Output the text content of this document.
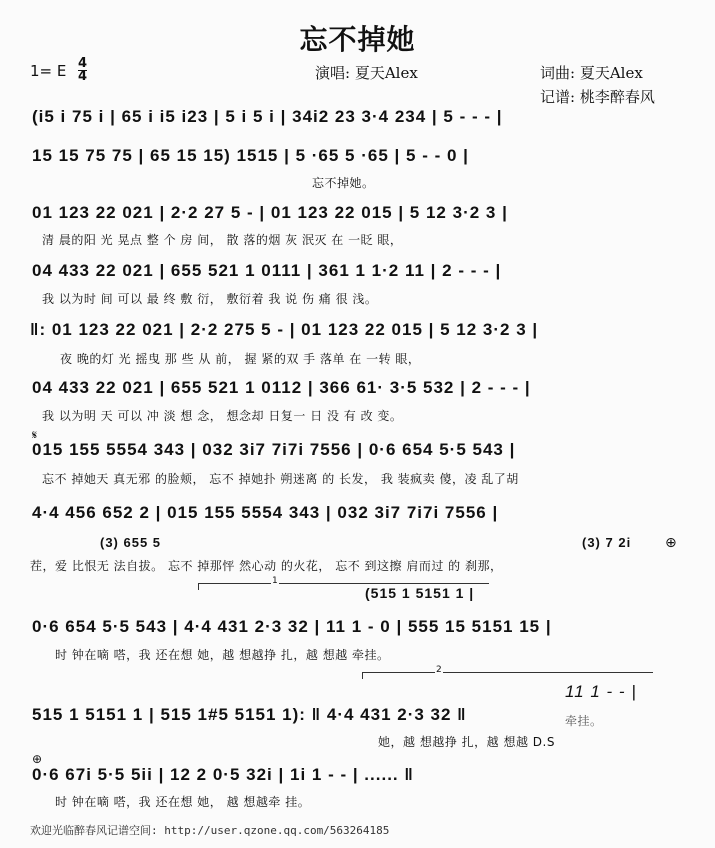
忘不掉她
1= E 4
4	演唱: 夏天Alex	词曲: 夏天Alex
记谱: 桃李醉春风
(i5 i 75 i | 65 i i5 i23 | 5 i 5 i | 34i2 23 3·4 234 | 5 - - - |
15 15 75 75 | 65 15 15) 1515 | 5 ·65 5 ·65 | 5 - - 0 |
忘不掉她。
01 123 22 021 | 2·2 27 5 - | 01 123 22 015 | 5 12 3·2 3 |
清 晨的阳 光 晃点 整 个 房 间， 散 落的烟 灰 泯灭 在 一眨 眼，
04 433 22 021 | 655 521 1 0111 | 361 1 1·2 11 | 2 - - - |
我 以为时 间 可以 最 终 敷 衍， 敷衍着 我 说 伤 痛 很 浅。
‖: 01 123 22 021 | 2·2 275 5 - | 01 123 22 015 | 5 12 3·2 3 |
夜 晚的灯 光 摇曳 那 些 从 前， 握 紧的双 手 落单 在 一转 眼，
04 433 22 021 | 655 521 1 0112 | 366 61· 3·5 532 | 2 - - - |
我 以为明 天 可以 冲 淡 想 念， 想念却 日复一 日 没 有 改 变。
𝄋
015 155 5554 343 | 032 3i7 7i7i 7556 | 0·6 654 5·5 543 |
忘不 掉她天 真无邪 的脸颊， 忘不 掉她扑 朔迷离 的 长发， 我 装疯卖 傻，凌 乱了胡
4·4 456 652 2 | 015 155 5554 343 | 032 3i7 7i7i 7556 |
(3) 655 5	(3) 7 2i ⊕
茬，爱 比恨无 法自拔。 忘不 掉那怦 然心动 的火花， 忘不 到这擦 肩而过 的 刹那，
1
(515 1 5151 1 |
0·6 654 5·5 543 | 4·4 431 2·3 32 | 11 1 - 0 | 555 15 5151 15 |
时 钟在嘀 嗒，我 还在想 她，越 想越挣 扎，越 想越 牵挂。
2
11 1 - - |
牵挂。
515 1 5151 1 | 515 1#5 5151 1): ‖ 4·4 431 2·3 32 ‖
她，越 想越挣 扎，越 想越 D.S
⊕
0·6 67i 5·5 5ii | 12 2 0·5 32i | 1i 1 - - | ...... ‖
时 钟在嘀 嗒，我 还在想 她， 越 想越牵 挂。
欢迎光临醉春风记谱空间: http://user.qzone.qq.com/563264185
